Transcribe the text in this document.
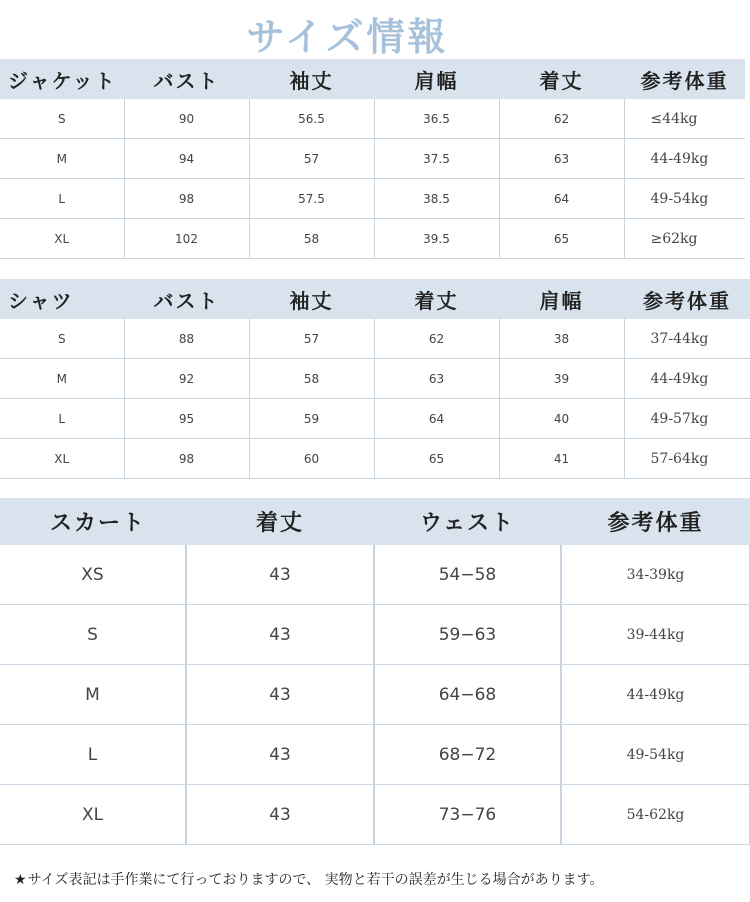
サイズ情報
ジャケット	バスト	袖丈	肩幅	着丈	参考体重
S	90	56.5	36.5	62	≤44kg
M	94	57	37.5	63	44-49kg
L	98	57.5	38.5	64	49-54kg
XL	102	58	39.5	65	≥62kg
シャツ	バスト	袖丈	着丈	肩幅	参考体重
S	88	57	62	38	37-44kg
M	92	58	63	39	44-49kg
L	95	59	64	40	49-57kg
XL	98	60	65	41	57-64kg
スカート	着丈	ウェスト	参考体重
XS	43	54−58	34-39kg
S	43	59−63	39-44kg
M	43	64−68	44-49kg
L	43	68−72	49-54kg
XL	43	73−76	54-62kg
★サイズ表記は手作業にて行っておりますので、 実物と若干の誤差が生じる場合があります。
